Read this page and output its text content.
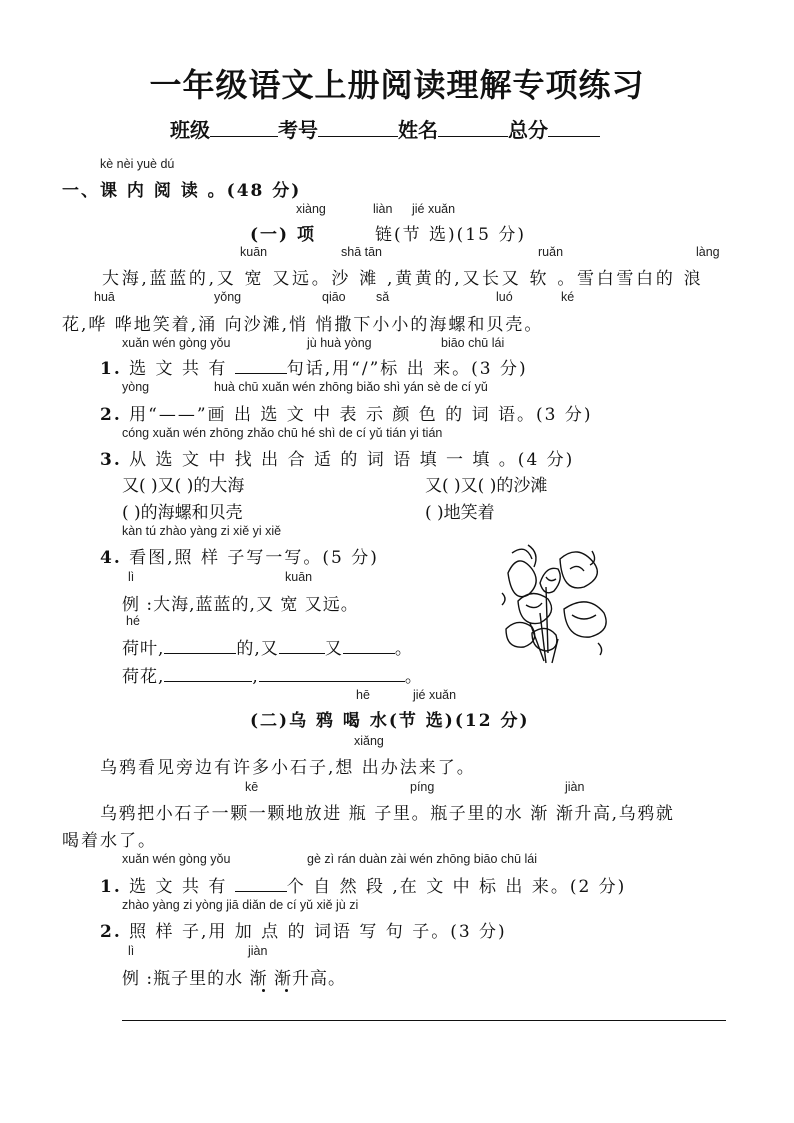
一年级语文上册阅读理解专项练习
班级	考号	姓名	总分
kè nèi yuè dú
一、课 内 阅 读 。(48 分)
xiàng	liàn jié xuǎn
(一) 项	链(节 选)(15 分)
kuān	shā tān	ruǎn	làng
大海,蓝蓝的,又 宽 又远。沙 滩 ,黄黄的,又长又 软 。雪白雪白的 浪
huā	yǒng	qiāo sǎ	luó	ké
花,哗 哗地笑着,涌 向沙滩,悄 悄撒下小小的海螺和贝壳。
xuǎn wén gòng yǒu	jù huà yòng	biāo chū lái
1. 选 文 共 有	句话,用“/”标 出 来。(3 分)
yòng	huà chū xuǎn wén zhōng biǎo shì yán sè de cí yǔ
2. 用“——”画 出 选 文 中 表 示 颜 色 的 词 语。(3 分)
cóng xuǎn wén zhōng zhǎo chū hé shì de cí yǔ tián yi tián
3. 从 选 文 中 找 出 合 适 的 词 语 填 一 填 。(4 分)
又( )又( )的大海	又( )又( )的沙滩
( )的海螺和贝壳	( )地笑着
kàn tú zhào yàng zi xiě yi xiě
4. 看图,照 样 子写一写。(5 分)
lì	kuān
例 :大海,蓝蓝的,又 宽 又远。
hé
荷叶,	的,又	又	。
荷花,	,	。
hē	jié xuǎn
(二)乌 鸦 喝 水(节 选)(12 分)
xiǎng
乌鸦看见旁边有许多小石子,想 出办法来了。
kē	píng	jiàn
乌鸦把小石子一颗一颗地放进 瓶 子里。瓶子里的水 渐 渐升高,乌鸦就
喝着水了。
xuǎn wén gòng yǒu	gè zì rán duàn zài wén zhōng biāo chū lái
1. 选 文 共 有	个 自 然 段 ,在 文 中 标 出 来。(2 分)
zhào yàng zi yòng jiā diǎn de cí yǔ xiě jù zi
2. 照 样 子,用 加 点 的 词语 写 句 子。(3 分)
lì	jiàn
例 :瓶子里的水 渐 渐升高。
